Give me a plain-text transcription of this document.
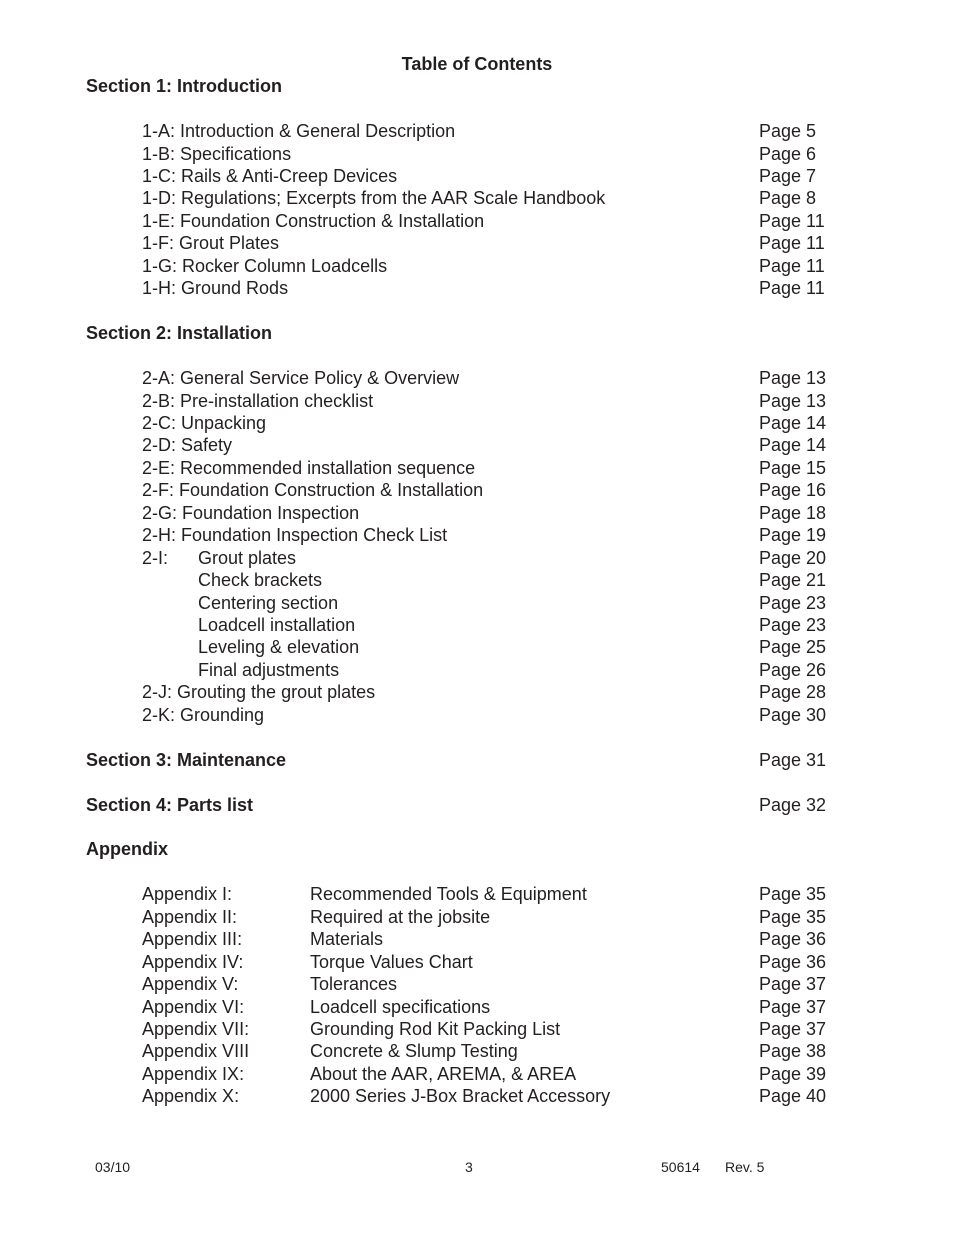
Table of Contents
Section 1: Introduction
1-A: Introduction & General Description	Page 5
1-B: Specifications	Page 6
1-C: Rails & Anti-Creep Devices	Page 7
1-D: Regulations; Excerpts from the AAR Scale Handbook	Page 8
1-E: Foundation Construction & Installation	Page 11
1-F: Grout Plates	Page 11
1-G: Rocker Column Loadcells	Page 11
1-H: Ground Rods	Page 11
Section 2: Installation
2-A: General Service Policy & Overview	Page 13
2-B: Pre-installation checklist	Page 13
2-C: Unpacking	Page 14
2-D: Safety	Page 14
2-E: Recommended installation sequence	Page 15
2-F: Foundation Construction & Installation	Page 16
2-G: Foundation Inspection	Page 18
2-H: Foundation Inspection Check List	Page 19
2-I: Grout plates	Page 20
Check brackets	Page 21
Centering section	Page 23
Loadcell installation	Page 23
Leveling & elevation	Page 25
Final adjustments	Page 26
2-J: Grouting the grout plates	Page 28
2-K: Grounding	Page 30
Section 3: Maintenance	Page 31
Section 4: Parts list	Page 32
Appendix
Appendix I:	Recommended Tools & Equipment	Page 35
Appendix II:	Required at the jobsite	Page 35
Appendix III:	Materials	Page 36
Appendix IV:	Torque Values Chart	Page 36
Appendix V:	Tolerances	Page 37
Appendix VI:	Loadcell specifications	Page 37
Appendix VII:	Grounding Rod Kit Packing List	Page 37
Appendix VIII	Concrete & Slump Testing	Page 38
Appendix IX:	About the AAR, AREMA, & AREA	Page 39
Appendix X:	2000 Series J-Box Bracket Accessory	Page 40
03/10	3	50614 Rev. 5
